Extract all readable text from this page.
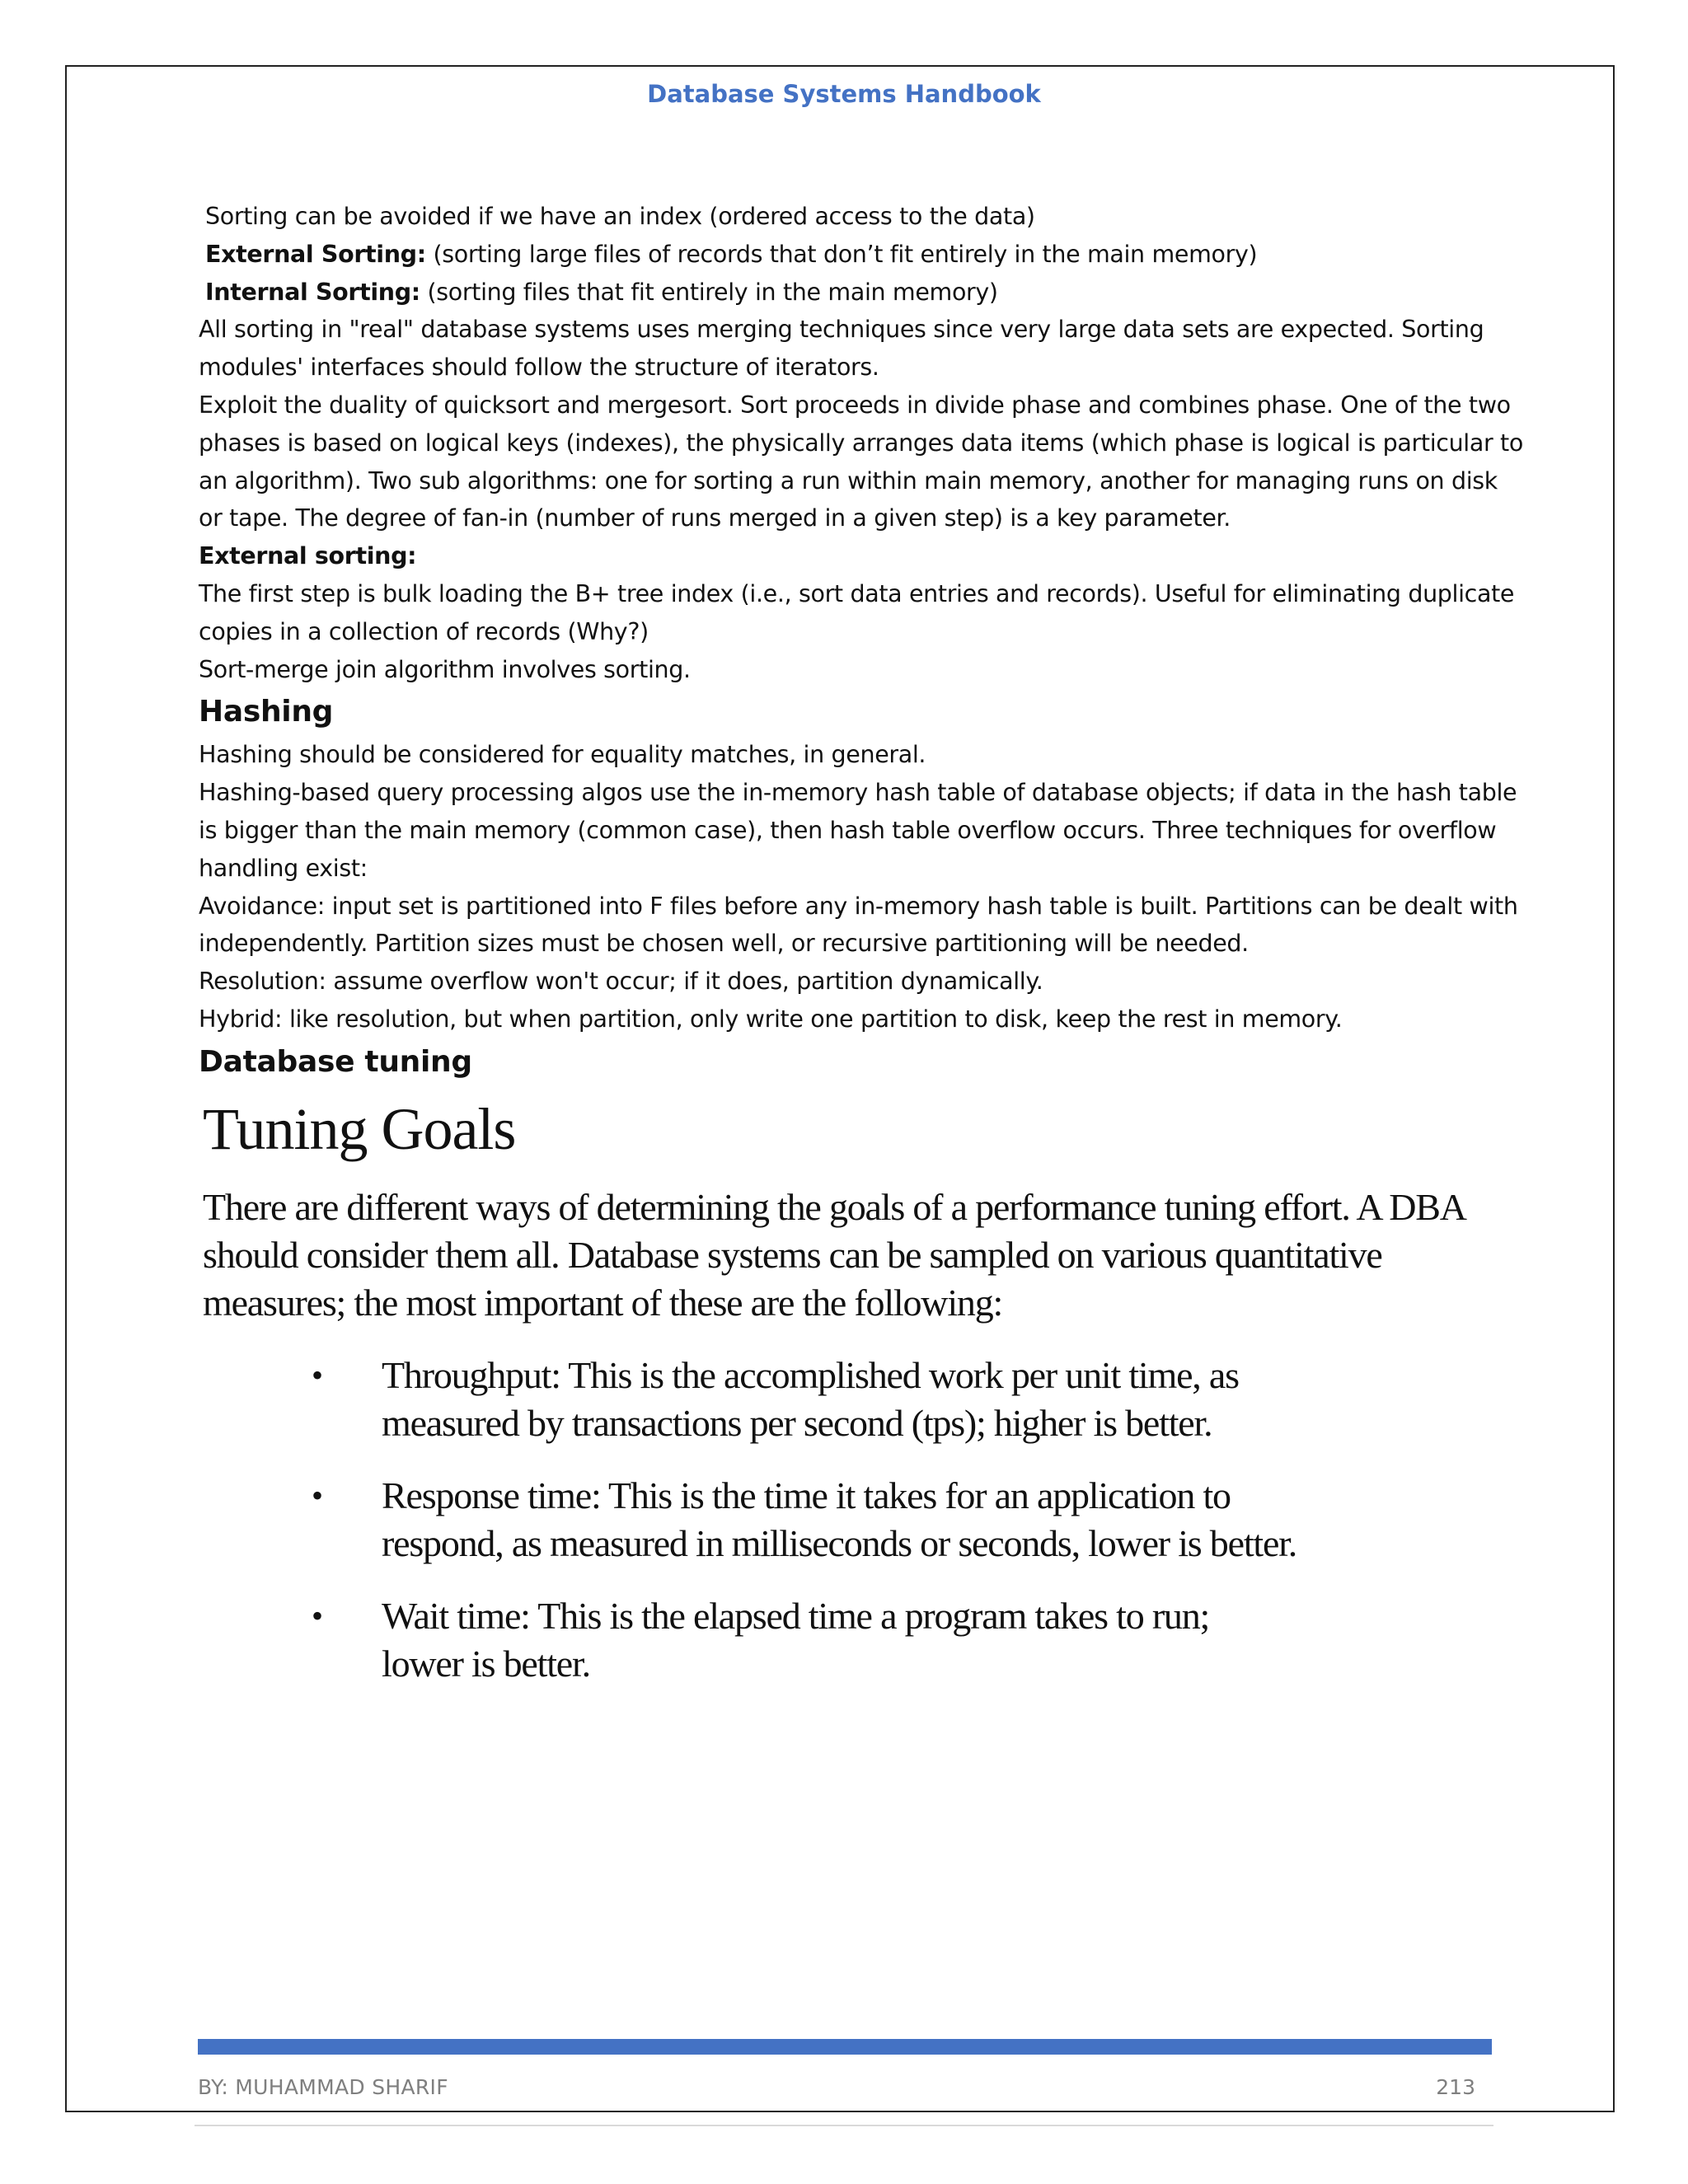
Database Systems Handbook

Sorting can be avoided if we have an index (ordered access to the data)

External Sorting: (sorting large files of records that don’t fit entirely in the main memory)

Internal Sorting: (sorting files that fit entirely in the main memory)

All sorting in "real" database systems uses merging techniques since very large data sets are expected. Sorting

modules' interfaces should follow the structure of iterators.

Exploit the duality of quicksort and mergesort. Sort proceeds in divide phase and combines phase. One of the two

phases is based on logical keys (indexes), the physically arranges data items (which phase is logical is particular to

an algorithm). Two sub algorithms: one for sorting a run within main memory, another for managing runs on disk

or tape. The degree of fan-in (number of runs merged in a given step) is a key parameter.

External sorting:

The first step is bulk loading the B+ tree index (i.e., sort data entries and records). Useful for eliminating duplicate

copies in a collection of records (Why?)

Sort-merge join algorithm involves sorting.

Hashing

Hashing should be considered for equality matches, in general.

Hashing-based query processing algos use the in-memory hash table of database objects; if data in the hash table

is bigger than the main memory (common case), then hash table overflow occurs. Three techniques for overflow

handling exist:

Avoidance: input set is partitioned into F files before any in-memory hash table is built. Partitions can be dealt with

independently. Partition sizes must be chosen well, or recursive partitioning will be needed.

Resolution: assume overflow won't occur; if it does, partition dynamically.

Hybrid: like resolution, but when partition, only write one partition to disk, keep the rest in memory.

Database tuning
Tuning Goals
There are different ways of determining the goals of a performance tuning effort. A DBA
should consider them all. Database systems can be sampled on various quantitative
measures; the most important of these are the following:
• Throughput: This is the accomplished work per unit time, as
measured by transactions per second (tps); higher is better.
• Response time: This is the time it takes for an application to
respond, as measured in milliseconds or seconds, lower is better.
• Wait time: This is the elapsed time a program takes to run;
lower is better.
BY: MUHAMMAD SHARIF	213
